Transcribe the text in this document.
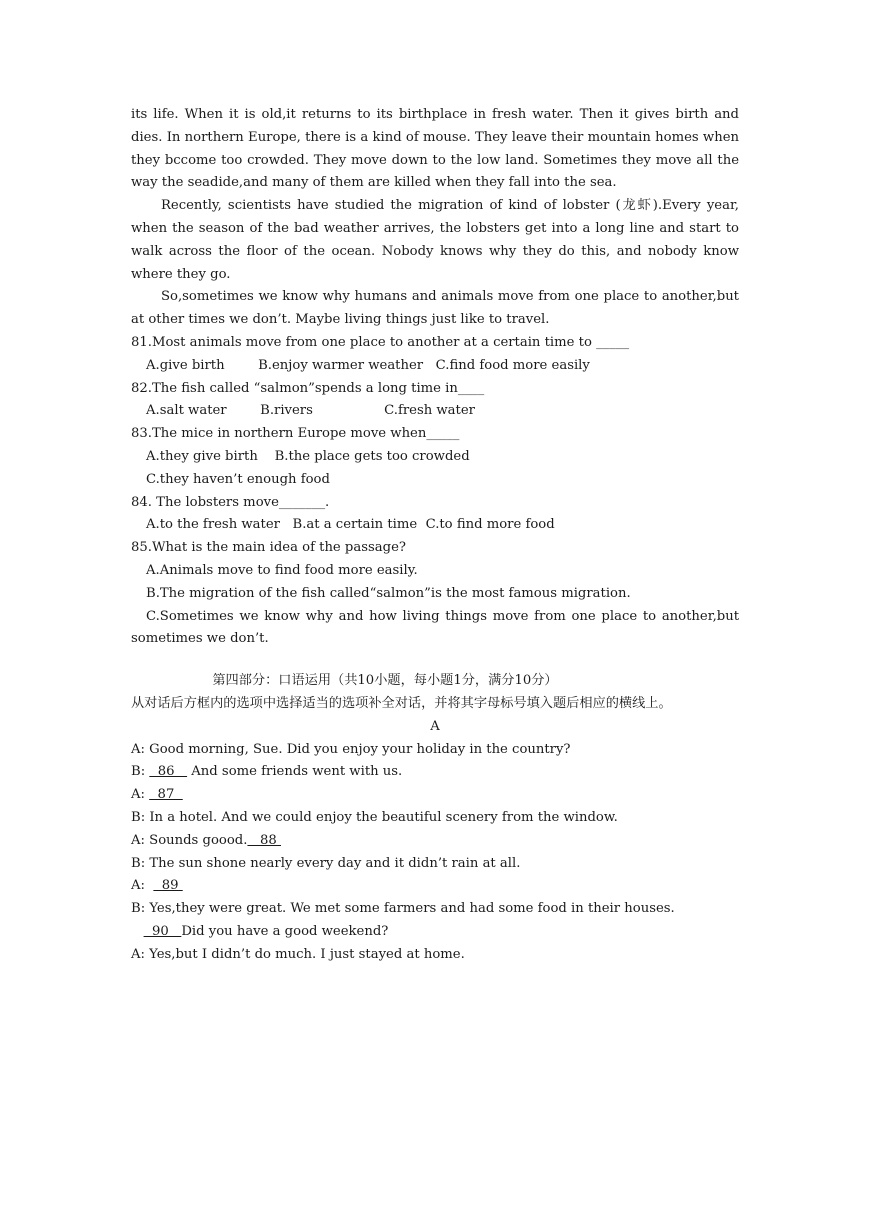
its life. When it is old,it returns to its birthplace in fresh water. Then it gives birth and dies. In northern Europe, there is a kind of mouse. They leave their mountain homes when they bccome too crowded. They move down to the low land. Sometimes they move all the way the seadide,and many of them are killed when they fall into the sea.

Recently, scientists have studied the migration of kind of lobster (龙虾).Every year, when the season of the bad weather arrives, the lobsters get into a long line and start to walk across the floor of the ocean. Nobody knows why they do this, and nobody know where they go.

So,sometimes we know why humans and animals move from one place to another,but at other times we don’t. Maybe living things just like to travel.

81.Most animals move from one place to another at a certain time to _____
A.give birth        B.enjoy warmer weather   C.find food more easily
82.The fish called “salmon”spends a long time in____
A.salt water        B.rivers                 C.fresh water
83.The mice in northern Europe move when_____
A.they give birth    B.the place gets too crowded
C.they haven’t enough food
84. The lobsters move_______.
A.to the fresh water   B.at a certain time  C.to find more food
85.What is the main idea of the passage?
A.Animals move to find food more easily.
B.The migration of the fish called“salmon”is the most famous migration.

C.Sometimes we know why and how living things move from one place to another,but sometimes we don’t.

第四部分：口语运用（共10小题，每小题1分，满分10分）

从对话后方框内的选项中选择适当的选项补全对话，并将其字母标号填入题后相应的横线上。

A

A: Good morning, Sue. Did you enjoy your holiday in the country?
B:   86    And some friends went with us.
A:   87
B: In a hotel. And we could enjoy the beautiful scenery from the window.
A: Sounds goood.   88
B: The sun shone nearly every day and it didn’t rain at all.
A:    89
B: Yes,they were great. We met some farmers and had some food in their houses.
90   Did you have a good weekend?
A: Yes,but I didn’t do much. I just stayed at home.
